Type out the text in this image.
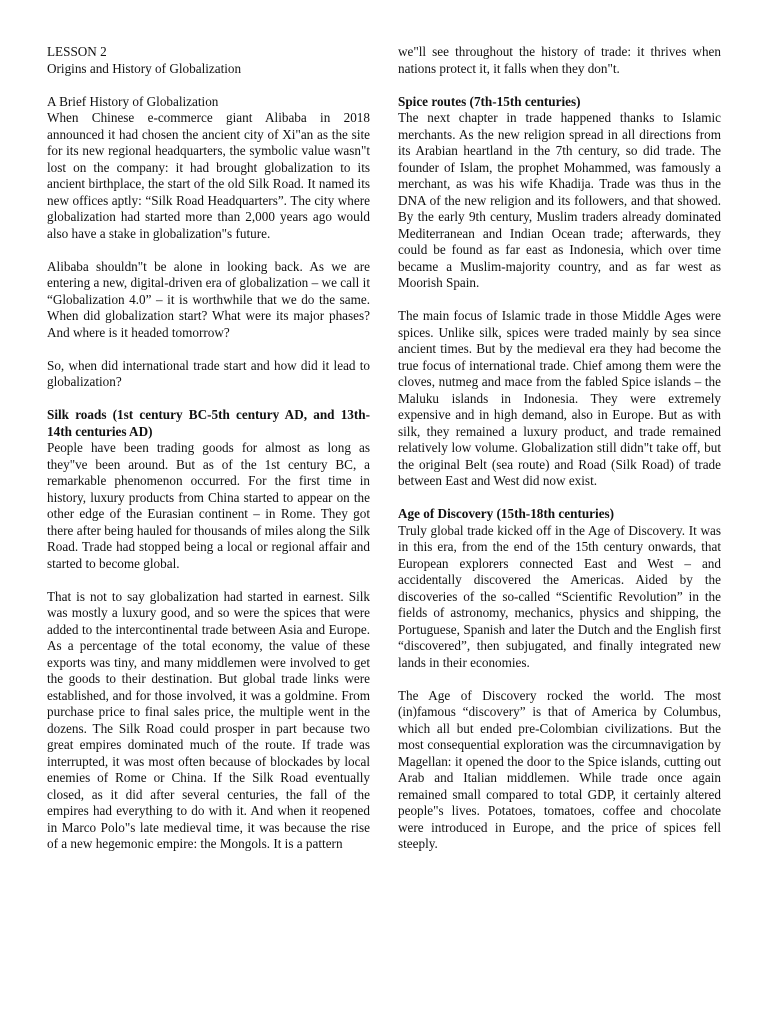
LESSON 2
Origins and History of Globalization
A Brief History of Globalization

When Chinese e-commerce giant Alibaba in 2018 announced it had chosen the ancient city of Xi"an as the site for its new regional headquarters, the symbolic value wasn"t lost on the company: it had brought globalization to its ancient birthplace, the start of the old Silk Road. It named its new offices aptly: “Silk Road Headquarters”. The city where globalization had started more than 2,000 years ago would also have a stake in globalization"s future.

Alibaba shouldn"t be alone in looking back. As we are entering a new, digital-driven era of globalization – we call it “Globalization 4.0” – it is worthwhile that we do the same. When did globalization start? What were its major phases? And where is it headed tomorrow?

So, when did international trade start and how did it lead to globalization?

Silk roads (1st century BC-5th century AD, and 13th-14th centuries AD)

People have been trading goods for almost as long as they"ve been around. But as of the 1st century BC, a remarkable phenomenon occurred. For the first time in history, luxury products from China started to appear on the other edge of the Eurasian continent – in Rome. They got there after being hauled for thousands of miles along the Silk Road. Trade had stopped being a local or regional affair and started to become global.

That is not to say globalization had started in earnest. Silk was mostly a luxury good, and so were the spices that were added to the intercontinental trade between Asia and Europe. As a percentage of the total economy, the value of these exports was tiny, and many middlemen were involved to get the goods to their destination. But global trade links were established, and for those involved, it was a goldmine. From purchase price to final sales price, the multiple went in the dozens. The Silk Road could prosper in part because two great empires dominated much of the route. If trade was interrupted, it was most often because of blockades by local enemies of Rome or China. If the Silk Road eventually closed, as it did after several centuries, the fall of the empires had everything to do with it. And when it reopened in Marco Polo"s late medieval time, it was because the rise of a new hegemonic empire: the Mongols. It is a pattern

we"ll see throughout the history of trade: it thrives when nations protect it, it falls when they don"t.

Spice routes (7th-15th centuries)

The next chapter in trade happened thanks to Islamic merchants. As the new religion spread in all directions from its Arabian heartland in the 7th century, so did trade. The founder of Islam, the prophet Mohammed, was famously a merchant, as was his wife Khadija. Trade was thus in the DNA of the new religion and its followers, and that showed. By the early 9th century, Muslim traders already dominated Mediterranean and Indian Ocean trade; afterwards, they could be found as far east as Indonesia, which over time became a Muslim-majority country, and as far west as Moorish Spain.

The main focus of Islamic trade in those Middle Ages were spices. Unlike silk, spices were traded mainly by sea since ancient times. But by the medieval era they had become the true focus of international trade. Chief among them were the cloves, nutmeg and mace from the fabled Spice islands – the Maluku islands in Indonesia. They were extremely expensive and in high demand, also in Europe. But as with silk, they remained a luxury product, and trade remained relatively low volume. Globalization still didn"t take off, but the original Belt (sea route) and Road (Silk Road) of trade between East and West did now exist.

Age of Discovery (15th-18th centuries)

Truly global trade kicked off in the Age of Discovery. It was in this era, from the end of the 15th century onwards, that European explorers connected East and West – and accidentally discovered the Americas. Aided by the discoveries of the so-called “Scientific Revolution” in the fields of astronomy, mechanics, physics and shipping, the Portuguese, Spanish and later the Dutch and the English first “discovered”, then subjugated, and finally integrated new lands in their economies.

The Age of Discovery rocked the world. The most (in)famous “discovery” is that of America by Columbus, which all but ended pre-Colombian civilizations. But the most consequential exploration was the circumnavigation by Magellan: it opened the door to the Spice islands, cutting out Arab and Italian middlemen. While trade once again remained small compared to total GDP, it certainly altered people"s lives. Potatoes, tomatoes, coffee and chocolate were introduced in Europe, and the price of spices fell steeply.
